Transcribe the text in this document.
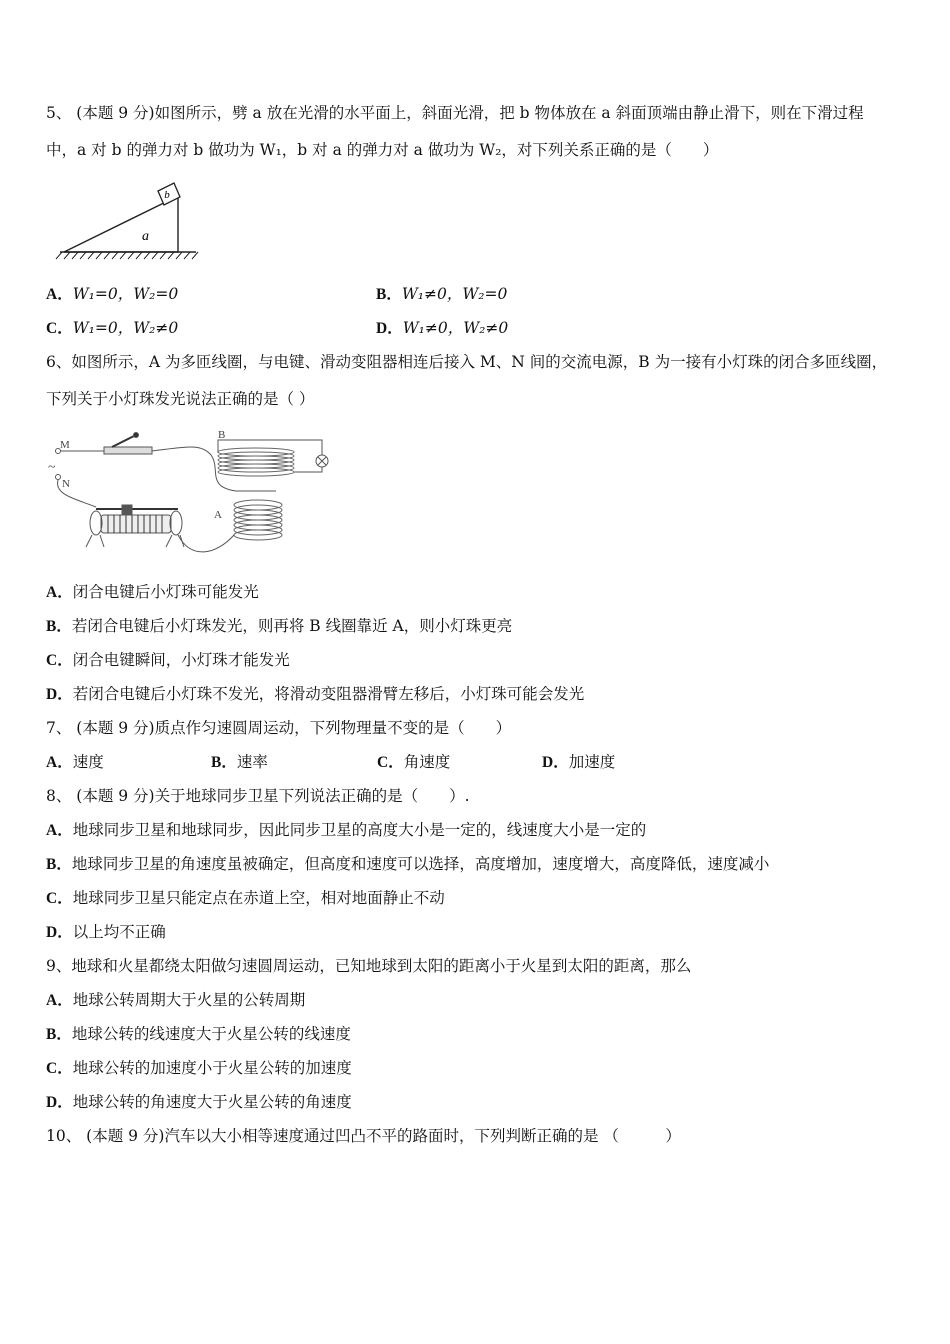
5、 (本题 9 分)如图所示，劈 a 放在光滑的水平面上，斜面光滑，把 b 物体放在 a 斜面顶端由静止滑下，则在下滑过程
中，a 对 b 的弹力对 b 做功为 W₁，b 对 a 的弹力对 a 做功为 W₂，对下列关系正确的是（　　）
b
a
A．W₁=0，W₂=0	B．W₁≠0，W₂=0
C．W₁=0，W₂≠0	D．W₁≠0，W₂≠0
6、如图所示，A 为多匝线圈，与电键、滑动变阻器相连后接入 M、N 间的交流电源，B 为一接有小灯珠的闭合多匝线圈，
下列关于小灯珠发光说法正确的是（ ）
M
~
N
B
A
A．闭合电键后小灯珠可能发光
B．若闭合电键后小灯珠发光，则再将 B 线圈靠近 A，则小灯珠更亮
C．闭合电键瞬间，小灯珠才能发光
D．若闭合电键后小灯珠不发光，将滑动变阻器滑臂左移后，小灯珠可能会发光
7、 (本题 9 分)质点作匀速圆周运动，下列物理量不变的是（　　）
A．速度	B．速率	C．角速度	D．加速度
8、 (本题 9 分)关于地球同步卫星下列说法正确的是（　　）.
A．地球同步卫星和地球同步，因此同步卫星的高度大小是一定的，线速度大小是一定的
B．地球同步卫星的角速度虽被确定，但高度和速度可以选择，高度增加，速度增大，高度降低，速度减小
C．地球同步卫星只能定点在赤道上空，相对地面静止不动
D．以上均不正确
9、地球和火星都绕太阳做匀速圆周运动，已知地球到太阳的距离小于火星到太阳的距离，那么
A．地球公转周期大于火星的公转周期
B．地球公转的线速度大于火星公转的线速度
C．地球公转的加速度小于火星公转的加速度
D．地球公转的角速度大于火星公转的角速度
10、 (本题 9 分)汽车以大小相等速度通过凹凸不平的路面时，下列判断正确的是 （　　　）
